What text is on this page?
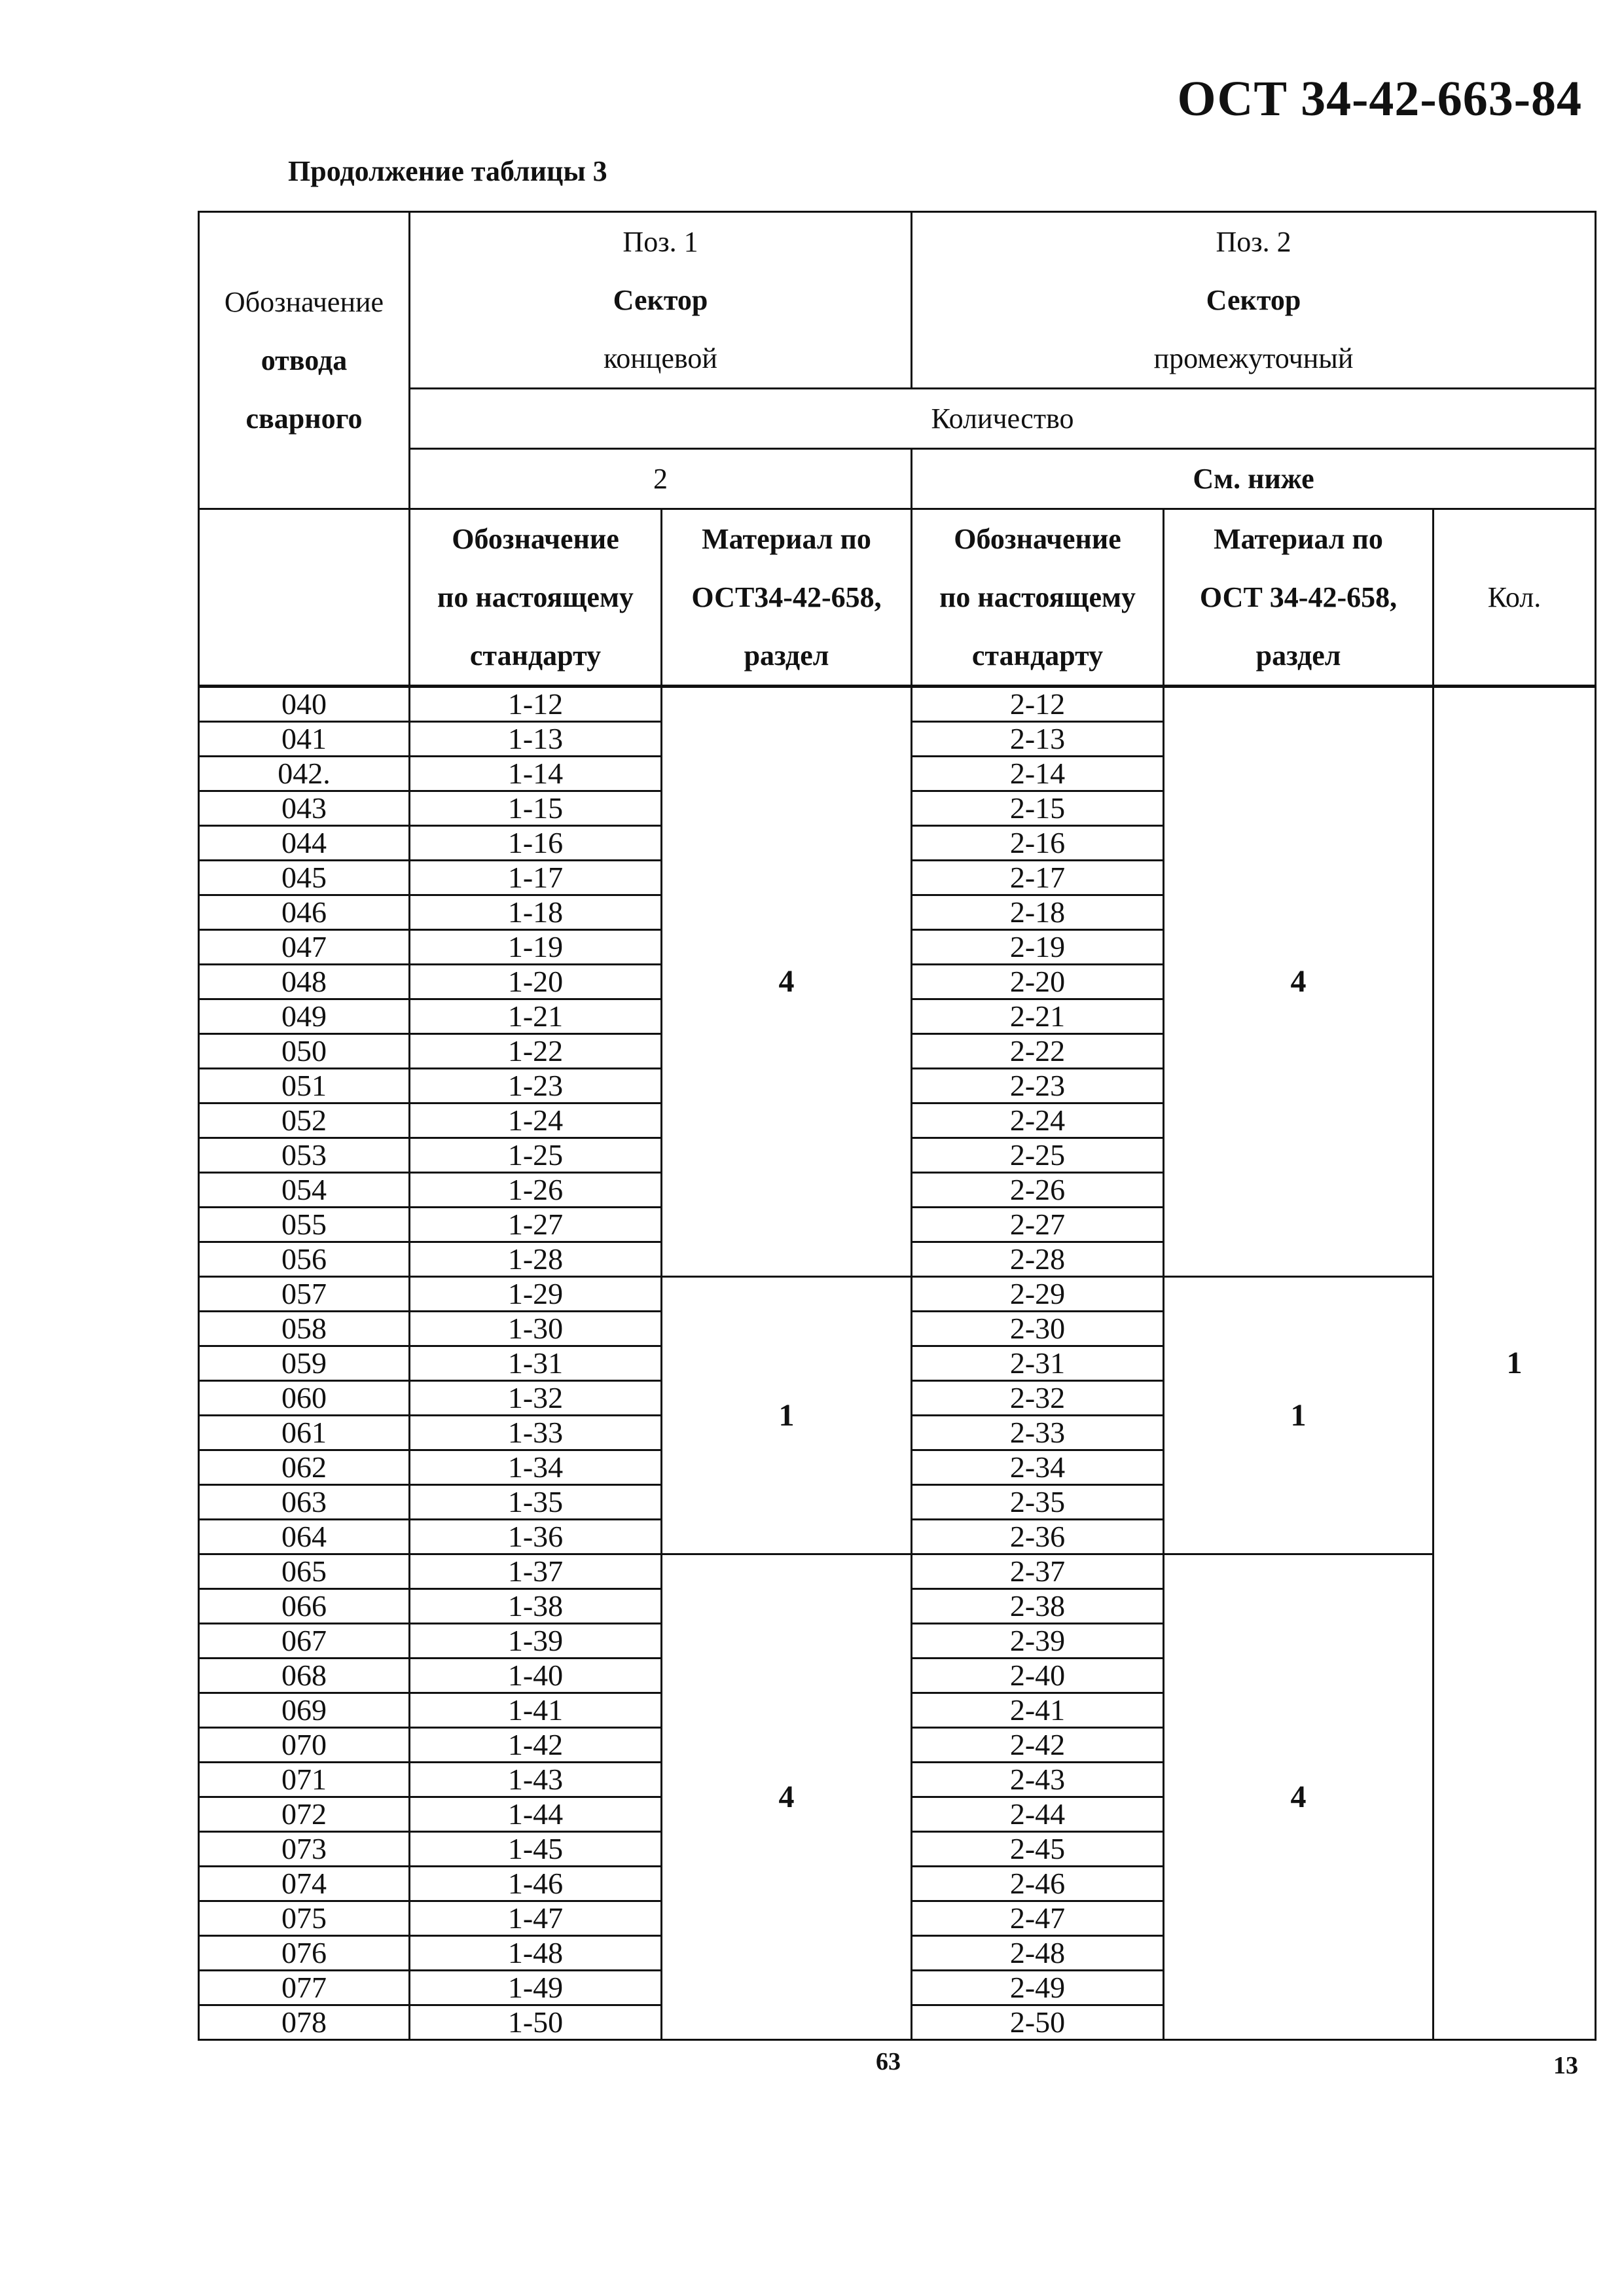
ОСТ 34-42-663-84
Продолжение таблицы 3
Обозначение
отвода
сварного	Поз. 1
Сектор
концевой		Поз. 2
Сектор
промежуточный		

	Количество				
	2		См. ниже		

	Обозначение
по настоящему
стандарту	Материал по
ОСТ34-42-658,
раздел	Обозначение
по настоящему
стандарту	Материал по
ОСТ 34-42-658,
раздел	Кол.
040	1-12	4	2-12	4	1
041	1-13		2-13		
042.	1-14		2-14		
043	1-15		2-15		
044	1-16		2-16		
045	1-17		2-17		
046	1-18		2-18		
047	1-19		2-19		
048	1-20		2-20		
049	1-21		2-21		
050	1-22		2-22		
051	1-23		2-23		
052	1-24		2-24		
053	1-25		2-25		
054	1-26		2-26		
055	1-27		2-27		
056	1-28		2-28		
057	1-29	1	2-29	1	
058	1-30		2-30		
059	1-31		2-31		
060	1-32		2-32		
061	1-33		2-33		
062	1-34		2-34		
063	1-35		2-35		
064	1-36		2-36		
065	1-37	4	2-37	4	
066	1-38		2-38		
067	1-39		2-39		
068	1-40		2-40		
069	1-41		2-41		
070	1-42		2-42		
071	1-43		2-43		
072	1-44		2-44		
073	1-45		2-45		
074	1-46		2-46		
075	1-47		2-47		
076	1-48		2-48		
077	1-49		2-49		
078	1-50		2-50		
63	13
